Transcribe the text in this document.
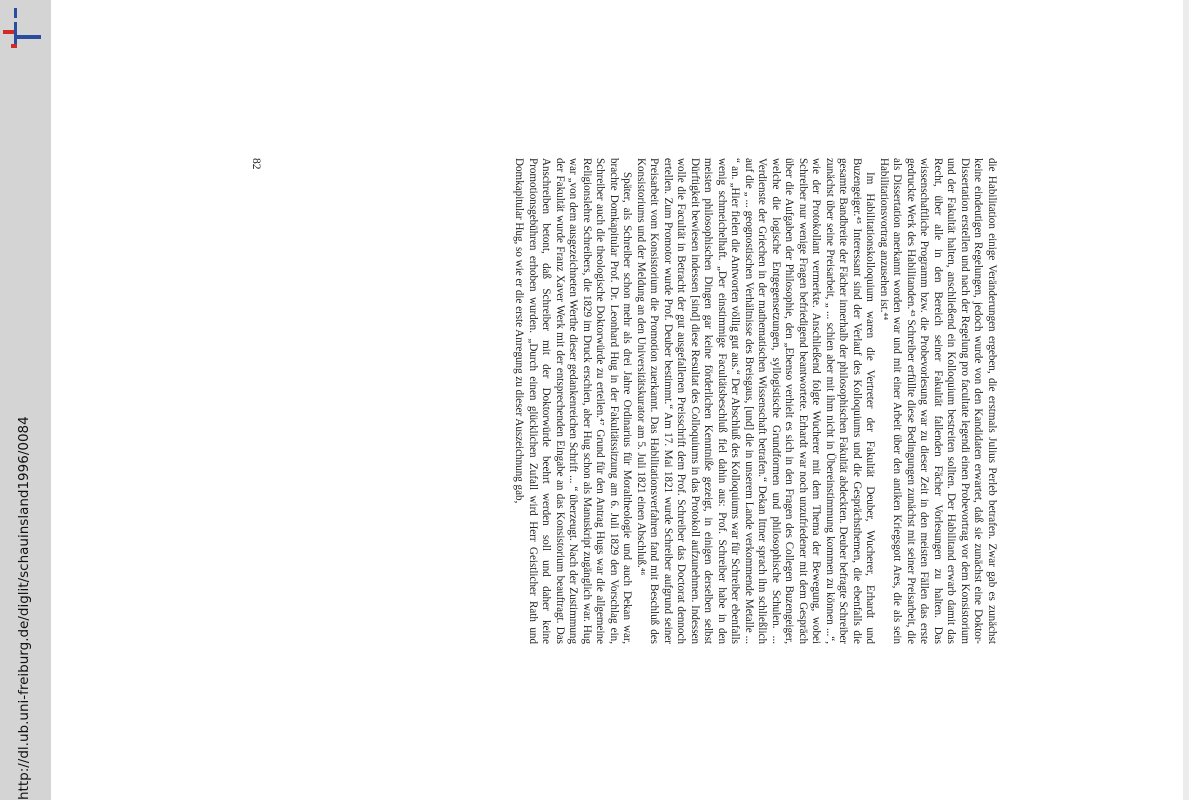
http://dl.ub.uni-freiburg.de/diglit/schauinsland1996/0084	die Habilitation einige Veränderungen ergeben, die erstmals Julius Perleb betrafen. Zwar gab es zunächst keine eindeutigen Regelungen, jedoch wurde von den Kandidaten erwartet, daß sie zunächst eine Doktor-Dissertation erstellen und nach der Regelung pro facultate legendi einen Probevortrag vor dem Konsistorium und der Fakultät halten, anschließend ein Kolloquium bestreiten sollten. Der Habilitand erwarb damit das Recht, über alle in den Bereich seiner Fakultät fallenden Fächer Vorlesungen zu halten. Das wissenschaftliche Programm bzw. die Probevorlesung war zu dieser Zeit in den meisten Fällen das erste gedruckte Werk des Habilitanden.⁴³ Schreiber erfüllte diese Bedingungen zunächst mit seiner Preisarbeit, die als Dissertation anerkannt worden war und mit einer Arbeit über den antiken Kriegsgott Ares, die als sein Habilitationsvortrag anzusehen ist.⁴⁴

Im Habilitationskolloquium waren die Vertreter der Fakultät Deuber, Wucherer, Erhardt und Buzengeiger.⁴⁵ Interessant sind der Verlauf des Kolloquiums und die Gesprächsthemen, die ebenfalls die gesamte Bandbreite der Fächer innerhalb der philosophischen Fakultät abdeckten. Deuber befragte Schreiber zunächst über seine Preisarbeit, „ ... schien aber mit ihm nicht in Übereinstimmung kommen zu können ...“, wie der Protokollant vermerkte. Anschließend folgte Wucherer mit dem Thema der Bewegung, wobei Schreiber nur wenige Fragen befriedigend beantwortete. Erhardt war noch unzufriedener mit dem Gespräch über die Aufgaben der Philosophie, den „Ebenso verhielt es sich in den Fragen des Collegen Buzengeiger, welche die logische Entgegensetzungen, syllogistische Grundformen und philosophische Schulen. ... Verdienste der Griechen in der mathematischen Wissenschaft betrafen.“ Dekan Ittner sprach ihn schließlich auf die „ ... geognostischen Verhältnisse des Breisgaus, [und] die in unserem Lande verkommende Metalle ... “ an. „Hier fielen die Antworten völlig gut aus.“ Der Abschluß des Kolloquiums war für Schreiber ebenfalls wenig schmeichelhaft. „Der einstimmige Facultätsbeschluß fiel dahin aus: Prof. Schreiber habe in den meisten philosophischen Dingen gar keine förderlichen Kenntniße gezeigt, in einigen derselben selbst Dürftigkeit bewiesen indessen [sind] diese Resultat des Colloquiums in das Protokoll aufzunehmen. Indessen wolle die Facultät in Betracht der gut ausgefallenen Preisschrift dem Prof. Schreiber das Doctorat dennoch ertellen. Zum Promotor wurde Prof. Deuber bestimmt.“ Am 17. Mai 1821 wurde Schreiber aufgrund seiner Preisarbeit vom Konsistorium die Promotion zuerkannt. Das Habilitationsverfahren fand mit Beschluß des Konsistoriums und der Meldung an den Universitätskurator am 5. Juli 1821 einen Abschluß.⁴⁶

Später, als Schreiber schon mehr als drei Jahre Ordinarius für Moraltheologie und auch Dekan war, brachte Domkapitular Prof. Dr. Leonhard Hug in der Fakultätssitzung am 6. Juli 1829 den Vorschlag ein, Schreiber auch die theologische Doktorwürde zu erteilen.⁴⁷ Grund für den Antrag Hugs war die allgemeine Religionslehre Schreibers, die 1829 im Druck erschien, aber Hug schon als Manuskript zugänglich war. Hug war „von dem ausgezeichneten Werthe dieser gedankenreichen Schrift ... “ überzeugt. Nach der Zustimmung der Fakultät wurde Franz Xaver Werk mit der entsprechenden Eingabe an das Konsistorium beauftragt. Das Anschreiben betont, daß Schreiber mit der Doktorwürde beehrt werden soll und daher keine Promotionsgebühren erhoben wurden. „Durch einen glücklichen Zufall wird Herr Geistlicher Rath und Domkapitular Hug, so wie er die erste Anregung zu dieser Auszeichnung gab,

82
